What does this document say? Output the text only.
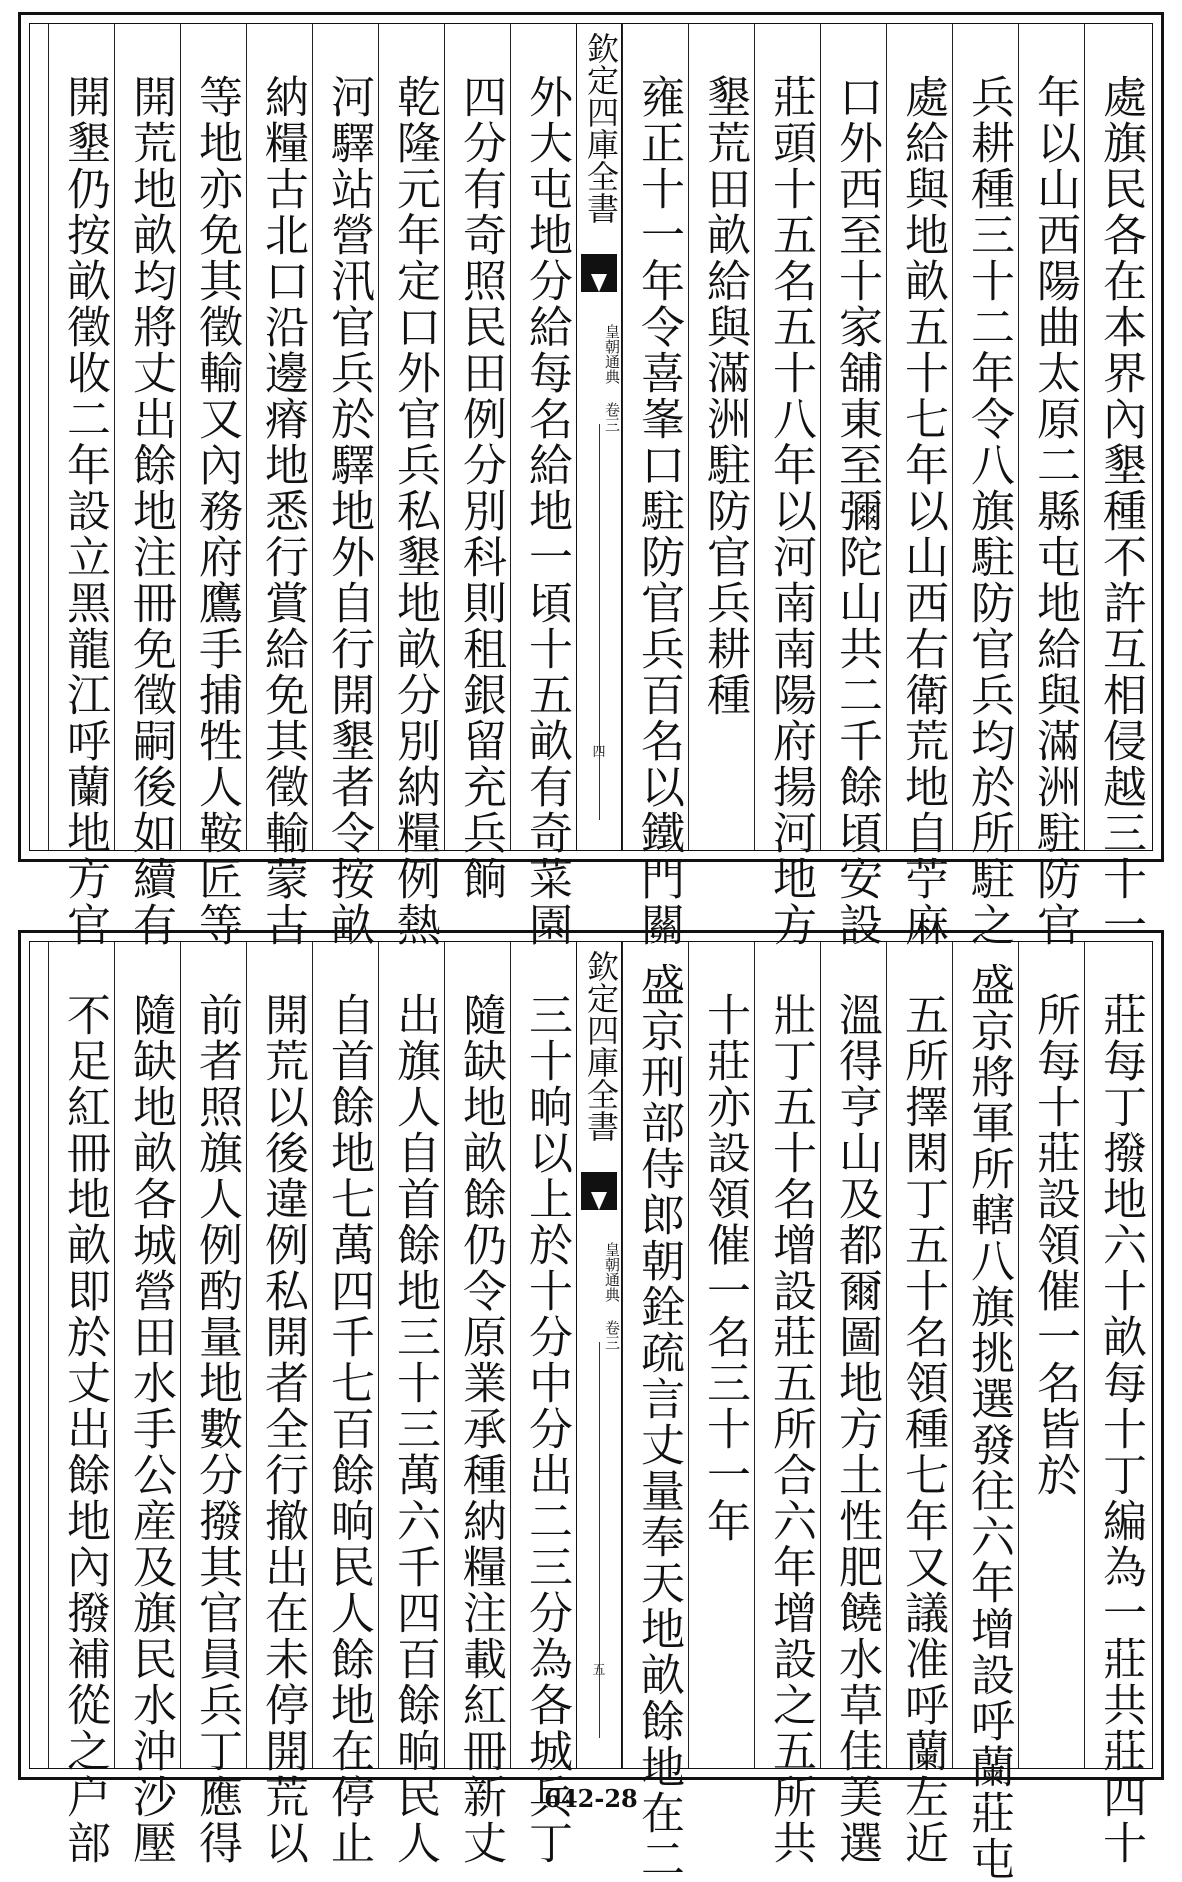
處旗民各在本界內墾種不許互相侵越三十一
年以山西陽曲太原二縣屯地給與滿洲駐防官
兵耕種三十二年令八旗駐防官兵均於所駐之
處給與地畝五十七年以山西右衛荒地自苧麻
口外西至十家舖東至彌陀山共二千餘頃安設
莊頭十五名五十八年以河南南陽府揚河地方
墾荒田畝給與滿洲駐防官兵耕種
雍正十一年令喜峯口駐防官兵百名以鐵門關
欽定四庫全書
皇朝通典 卷三
四
外大屯地分給每名給地一頃十五畝有奇菜園
四分有奇照民田例分別科則租銀留充兵餉
乾隆元年定口外官兵私墾地畝分別納糧例熱
河驛站營汛官兵於驛地外自行開墾者令按畝
納糧古北口沿邊瘠地悉行賞給免其徵輸蒙古
等地亦免其徵輸又內務府鷹手捕牲人鞍匠等
開荒地畝均將丈出餘地注冊免徵嗣後如續有
開墾仍按畝徵收二年設立黑龍江呼蘭地方官
莊每丁撥地六十畝每十丁編為一莊共莊四十
所每十莊設領催一名皆於
盛京將軍所轄八旗挑選發往六年增設呼蘭莊屯
五所擇閑丁五十名領種七年又議准呼蘭左近
溫得亨山及都爾圖地方土性肥饒水草佳美選
壯丁五十名增設莊五所合六年增設之五所共
十莊亦設領催一名三十一年
盛京刑部侍郎朝銓疏言丈量奉天地畝餘地在二
欽定四庫全書
皇朝通典 卷三
五
三十晌以上於十分中分出二三分為各城兵丁
隨缺地畝餘仍令原業承種納糧注載紅冊新丈
出旗人自首餘地三十三萬六千四百餘晌民人
自首餘地七萬四千七百餘晌民人餘地在停止
開荒以後違例私開者全行撤出在未停開荒以
前者照旗人例酌量地數分撥其官員兵丁應得
隨缺地畝各城營田水手公産及旗民水沖沙壓
不足紅冊地畝即於丈出餘地內撥補從之户部	642-28
